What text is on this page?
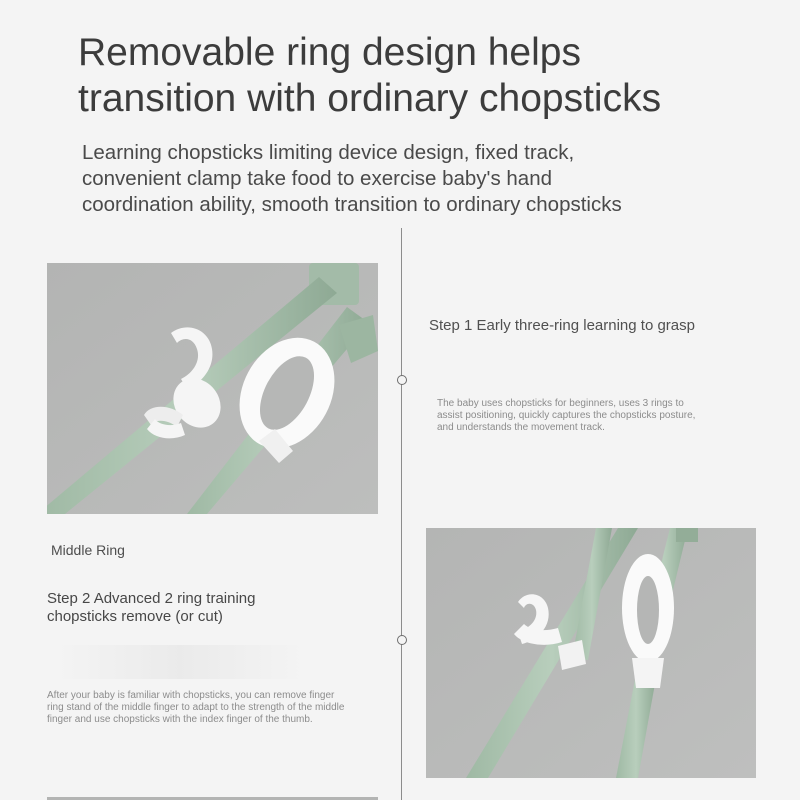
Removable ring design helps
transition with ordinary chopsticks

Learning chopsticks limiting device design, fixed track,
convenient clamp take food to exercise baby's hand
coordination ability, smooth transition to ordinary chopsticks

Step 1 Early three-ring learning to grasp

The baby uses chopsticks for beginners, uses 3 rings to
assist positioning, quickly captures the chopsticks posture,
and understands the movement track.

Middle Ring
Step 2 Advanced 2 ring training
chopsticks remove (or cut)

After your baby is familiar with chopsticks, you can remove finger
ring stand of the middle finger to adapt to the strength of the middle
finger and use chopsticks with the index finger of the thumb.
